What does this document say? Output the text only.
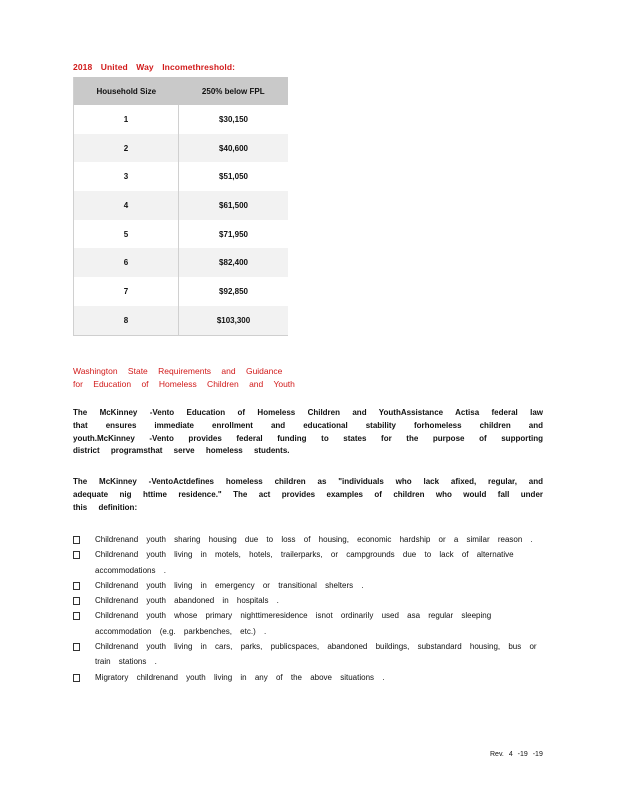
2018 United Way Incomethreshold:
Household Size	250% below FPL
1	$30,150
2	$40,600
3	$51,050
4	$61,500
5	$71,950
6	$82,400
7	$92,850
8	$103,300
Washington State Requirements and Guidance
for Education of Homeless Children and Youth
The McKinney -Vento Education of Homeless Children and YouthAssistance Actisa federal law that ensures immediate enrollment and educational stability forhomeless children and youth.McKinney -Vento provides federal funding to states for the purpose of supporting district programsthat serve homeless students.
The McKinney -VentoActdefines homeless children as "individuals who lack afixed, regular, and adequate nig httime residence." The act provides examples of children who would fall under this definition:
Childrenand youth sharing housing due to loss of housing, economic hardship or a similar reason .
Childrenand youth living in motels, hotels, trailerparks, or campgrounds due to lack of alternative accommodations .
Childrenand youth living in emergency or transitional shelters .
Childrenand youth abandoned in hospitals .
Childrenand youth whose primary nighttimeresidence isnot ordinarily used asa regular sleeping accommodation (e.g. parkbenches, etc.) .
Childrenand youth living in cars, parks, publicspaces, abandoned buildings, substandard housing, bus or train stations .
Migratory childrenand youth living in any of the above situations .
Rev. 4 -19 -19
